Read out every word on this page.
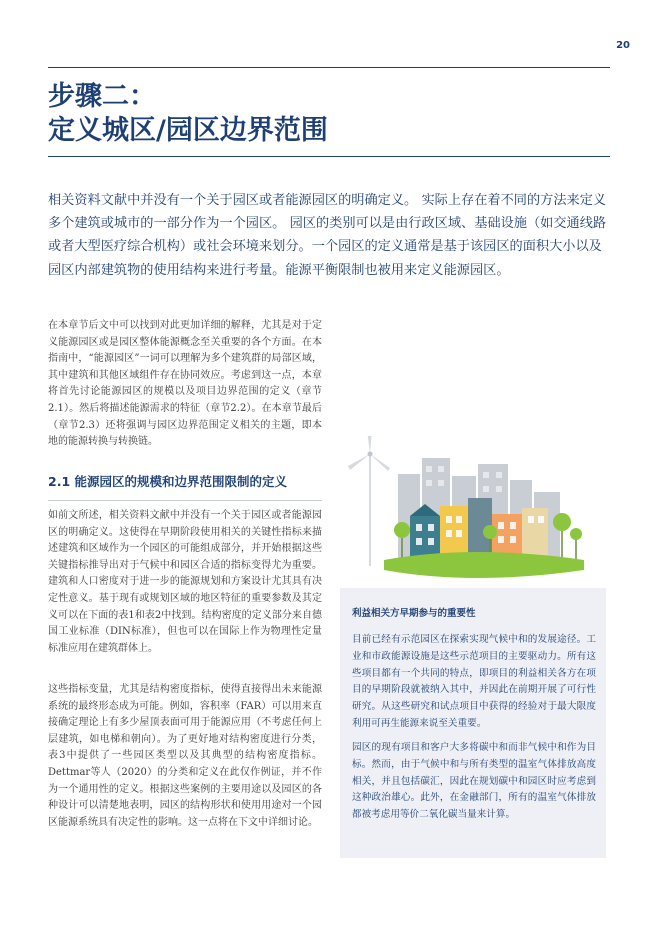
20
步骤二：
定义城区/园区边界范围

相关资料文献中并没有一个关于园区或者能源园区的明确定义。 实际上存在着不同的方法来定义多个建筑或城市的一部分作为一个园区。 园区的类别可以是由行政区域、基础设施（如交通线路或者大型医疗综合机构）或社会环境来划分。一个园区的定义通常是基于该园区的面积大小以及园区内部建筑物的使用结构来进行考量。能源平衡限制也被用来定义能源园区。

在本章节后文中可以找到对此更加详细的解释，尤其是对于定义能源园区或是园区整体能源概念至关重要的各个方面。在本指南中，“能源园区”一词可以理解为多个建筑群的局部区域，其中建筑和其他区域组件存在协同效应。考虑到这一点，本章将首先讨论能源园区的规模以及项目边界范围的定义（章节2.1）。然后将描述能源需求的特征（章节2.2）。在本章节最后（章节2.3）还将强调与园区边界范围定义相关的主题，即本地的能源转换与转换链。

2.1 能源园区的规模和边界范围限制的定义

如前文所述，相关资料文献中并没有一个关于园区或者能源园区的明确定义。这使得在早期阶段使用相关的关键性指标来描述建筑和区域作为一个园区的可能组成部分，并开始根据这些关键指标推导出对于气候中和园区合适的指标变得尤为重要。建筑和人口密度对于进一步的能源规划和方案设计尤其具有决定性意义。基于现有或规划区域的地区特征的重要参数及其定义可以在下面的表1和表2中找到。结构密度的定义部分来自德国工业标准（DIN标准），但也可以在国际上作为物理性定量标准应用在建筑群体上。

这些指标变量，尤其是结构密度指标，使得直接得出未来能源系统的最终形态成为可能。例如，容积率（FAR）可以用来直接确定理论上有多少屋顶表面可用于能源应用（不考虑任何上层建筑，如电梯和朝向）。为了更好地对结构密度进行分类，表3中提供了一些园区类型以及其典型的结构密度指标。Dettmar等人（2020）的分类和定义在此仅作例证，并不作为一个通用性的定义。根据这些案例的主要用途以及园区的各种设计可以清楚地表明，园区的结构形状和使用用途对一个园区能源系统具有决定性的影响。这一点将在下文中详细讨论。

利益相关方早期参与的重要性

目前已经有示范园区在探索实现气候中和的发展途径。工业和市政能源设施是这些示范项目的主要驱动力。所有这些项目都有一个共同的特点，即项目的利益相关各方在项目的早期阶段就被纳入其中，并因此在前期开展了可行性研究。从这些研究和试点项目中获得的经验对于最大限度利用可再生能源来说至关重要。

园区的现有项目和客户大多将碳中和而非气候中和作为目标。然而，由于气候中和与所有类型的温室气体排放高度相关，并且包括碳汇，因此在规划碳中和园区时应考虑到这种政治雄心。此外，在金融部门，所有的温室气体排放都被考虑用等价二氧化碳当量来计算。
